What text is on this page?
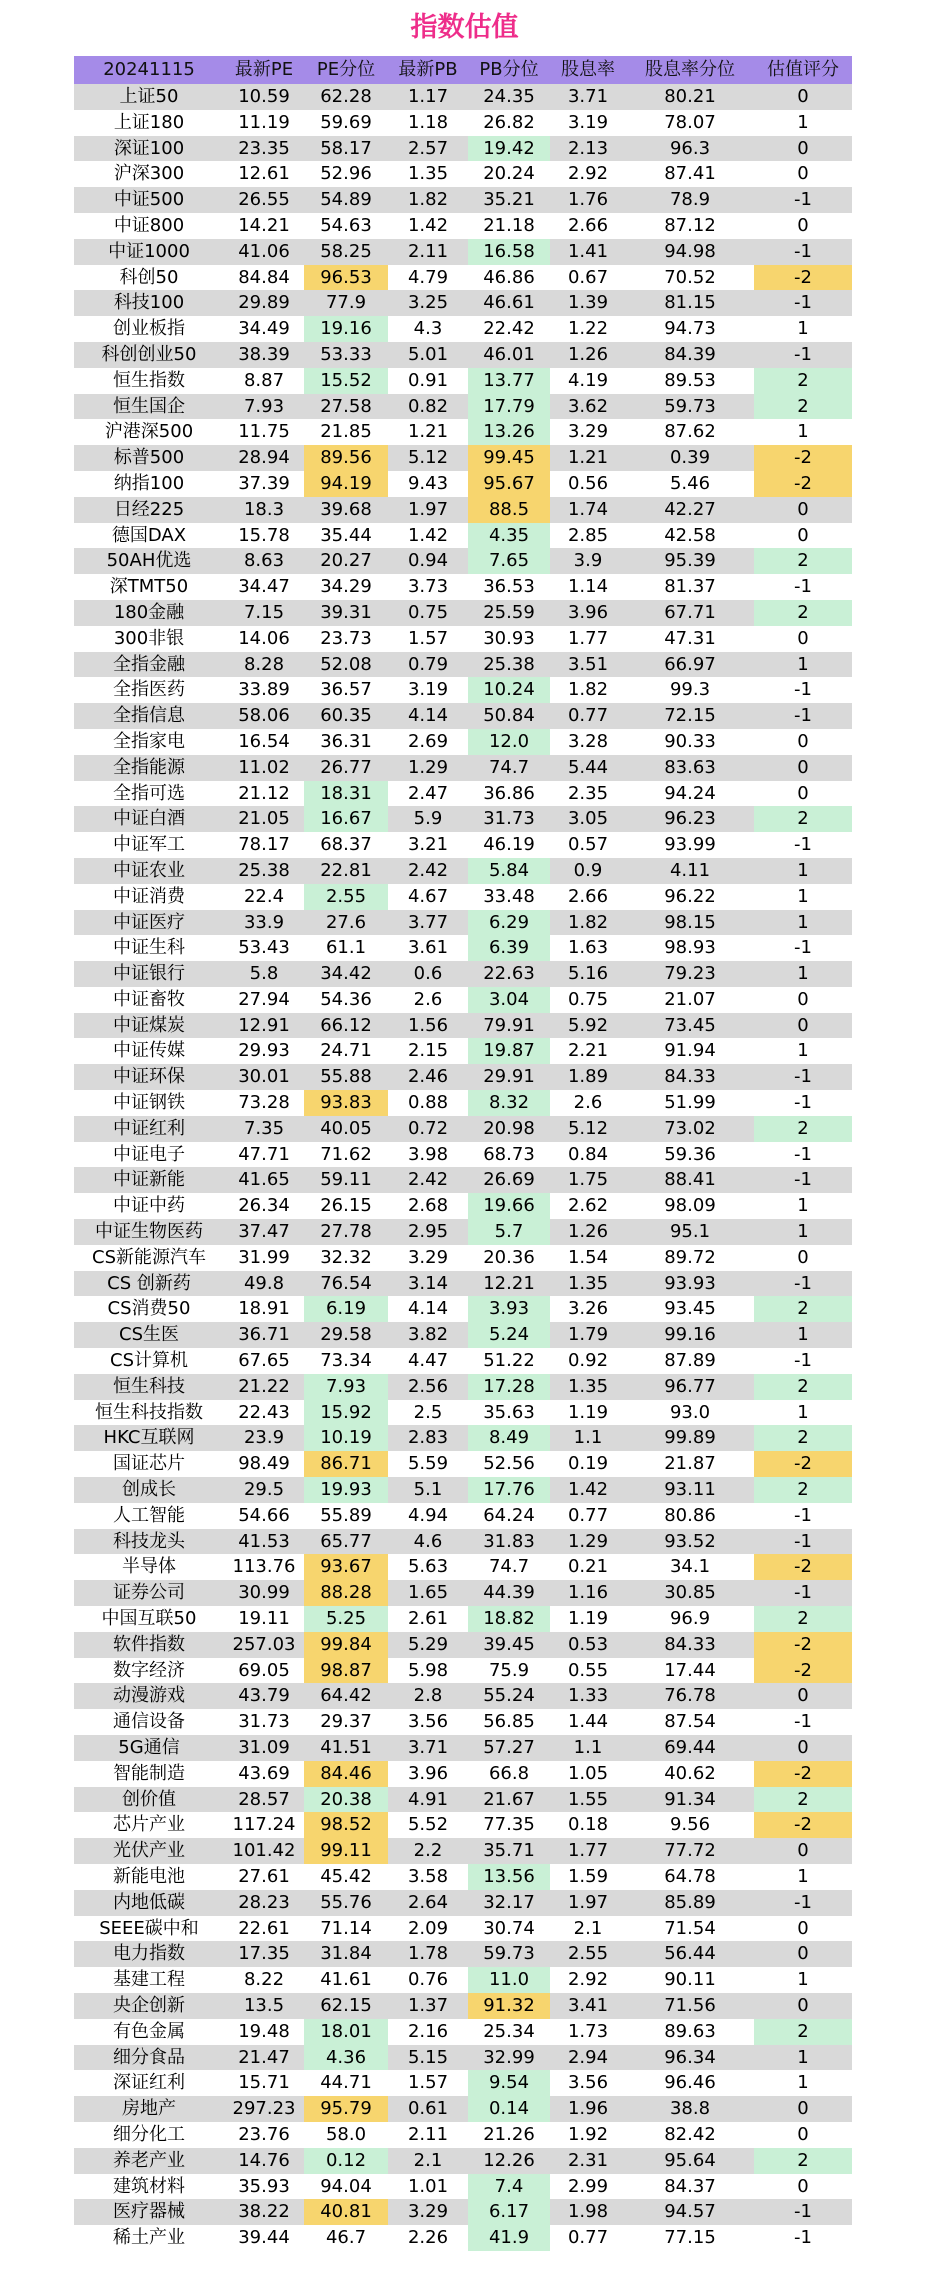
指数估值
20241115	最新PE	PE分位	最新PB	PB分位	股息率	股息率分位	估值评分
上证50	10.59	62.28	1.17	24.35	3.71	80.21	0
上证180	11.19	59.69	1.18	26.82	3.19	78.07	1
深证100	23.35	58.17	2.57	19.42	2.13	96.3	0
沪深300	12.61	52.96	1.35	20.24	2.92	87.41	0
中证500	26.55	54.89	1.82	35.21	1.76	78.9	-1
中证800	14.21	54.63	1.42	21.18	2.66	87.12	0
中证1000	41.06	58.25	2.11	16.58	1.41	94.98	-1
科创50	84.84	96.53	4.79	46.86	0.67	70.52	-2
科技100	29.89	77.9	3.25	46.61	1.39	81.15	-1
创业板指	34.49	19.16	4.3	22.42	1.22	94.73	1
科创创业50	38.39	53.33	5.01	46.01	1.26	84.39	-1
恒生指数	8.87	15.52	0.91	13.77	4.19	89.53	2
恒生国企	7.93	27.58	0.82	17.79	3.62	59.73	2
沪港深500	11.75	21.85	1.21	13.26	3.29	87.62	1
标普500	28.94	89.56	5.12	99.45	1.21	0.39	-2
纳指100	37.39	94.19	9.43	95.67	0.56	5.46	-2
日经225	18.3	39.68	1.97	88.5	1.74	42.27	0
德国DAX	15.78	35.44	1.42	4.35	2.85	42.58	0
50AH优选	8.63	20.27	0.94	7.65	3.9	95.39	2
深TMT50	34.47	34.29	3.73	36.53	1.14	81.37	-1
180金融	7.15	39.31	0.75	25.59	3.96	67.71	2
300非银	14.06	23.73	1.57	30.93	1.77	47.31	0
全指金融	8.28	52.08	0.79	25.38	3.51	66.97	1
全指医药	33.89	36.57	3.19	10.24	1.82	99.3	-1
全指信息	58.06	60.35	4.14	50.84	0.77	72.15	-1
全指家电	16.54	36.31	2.69	12.0	3.28	90.33	0
全指能源	11.02	26.77	1.29	74.7	5.44	83.63	0
全指可选	21.12	18.31	2.47	36.86	2.35	94.24	0
中证白酒	21.05	16.67	5.9	31.73	3.05	96.23	2
中证军工	78.17	68.37	3.21	46.19	0.57	93.99	-1
中证农业	25.38	22.81	2.42	5.84	0.9	4.11	1
中证消费	22.4	2.55	4.67	33.48	2.66	96.22	1
中证医疗	33.9	27.6	3.77	6.29	1.82	98.15	1
中证生科	53.43	61.1	3.61	6.39	1.63	98.93	-1
中证银行	5.8	34.42	0.6	22.63	5.16	79.23	1
中证畜牧	27.94	54.36	2.6	3.04	0.75	21.07	0
中证煤炭	12.91	66.12	1.56	79.91	5.92	73.45	0
中证传媒	29.93	24.71	2.15	19.87	2.21	91.94	1
中证环保	30.01	55.88	2.46	29.91	1.89	84.33	-1
中证钢铁	73.28	93.83	0.88	8.32	2.6	51.99	-1
中证红利	7.35	40.05	0.72	20.98	5.12	73.02	2
中证电子	47.71	71.62	3.98	68.73	0.84	59.36	-1
中证新能	41.65	59.11	2.42	26.69	1.75	88.41	-1
中证中药	26.34	26.15	2.68	19.66	2.62	98.09	1
中证生物医药	37.47	27.78	2.95	5.7	1.26	95.1	1
CS新能源汽车	31.99	32.32	3.29	20.36	1.54	89.72	0
CS 创新药	49.8	76.54	3.14	12.21	1.35	93.93	-1
CS消费50	18.91	6.19	4.14	3.93	3.26	93.45	2
CS生医	36.71	29.58	3.82	5.24	1.79	99.16	1
CS计算机	67.65	73.34	4.47	51.22	0.92	87.89	-1
恒生科技	21.22	7.93	2.56	17.28	1.35	96.77	2
恒生科技指数	22.43	15.92	2.5	35.63	1.19	93.0	1
HKC互联网	23.9	10.19	2.83	8.49	1.1	99.89	2
国证芯片	98.49	86.71	5.59	52.56	0.19	21.87	-2
创成长	29.5	19.93	5.1	17.76	1.42	93.11	2
人工智能	54.66	55.89	4.94	64.24	0.77	80.86	-1
科技龙头	41.53	65.77	4.6	31.83	1.29	93.52	-1
半导体	113.76	93.67	5.63	74.7	0.21	34.1	-2
证券公司	30.99	88.28	1.65	44.39	1.16	30.85	-1
中国互联50	19.11	5.25	2.61	18.82	1.19	96.9	2
软件指数	257.03	99.84	5.29	39.45	0.53	84.33	-2
数字经济	69.05	98.87	5.98	75.9	0.55	17.44	-2
动漫游戏	43.79	64.42	2.8	55.24	1.33	76.78	0
通信设备	31.73	29.37	3.56	56.85	1.44	87.54	-1
5G通信	31.09	41.51	3.71	57.27	1.1	69.44	0
智能制造	43.69	84.46	3.96	66.8	1.05	40.62	-2
创价值	28.57	20.38	4.91	21.67	1.55	91.34	2
芯片产业	117.24	98.52	5.52	77.35	0.18	9.56	-2
光伏产业	101.42	99.11	2.2	35.71	1.77	77.72	0
新能电池	27.61	45.42	3.58	13.56	1.59	64.78	1
内地低碳	28.23	55.76	2.64	32.17	1.97	85.89	-1
SEEE碳中和	22.61	71.14	2.09	30.74	2.1	71.54	0
电力指数	17.35	31.84	1.78	59.73	2.55	56.44	0
基建工程	8.22	41.61	0.76	11.0	2.92	90.11	1
央企创新	13.5	62.15	1.37	91.32	3.41	71.56	0
有色金属	19.48	18.01	2.16	25.34	1.73	89.63	2
细分食品	21.47	4.36	5.15	32.99	2.94	96.34	1
深证红利	15.71	44.71	1.57	9.54	3.56	96.46	1
房地产	297.23	95.79	0.61	0.14	1.96	38.8	0
细分化工	23.76	58.0	2.11	21.26	1.92	82.42	0
养老产业	14.76	0.12	2.1	12.26	2.31	95.64	2
建筑材料	35.93	94.04	1.01	7.4	2.99	84.37	0
医疗器械	38.22	40.81	3.29	6.17	1.98	94.57	-1
稀土产业	39.44	46.7	2.26	41.9	0.77	77.15	-1
